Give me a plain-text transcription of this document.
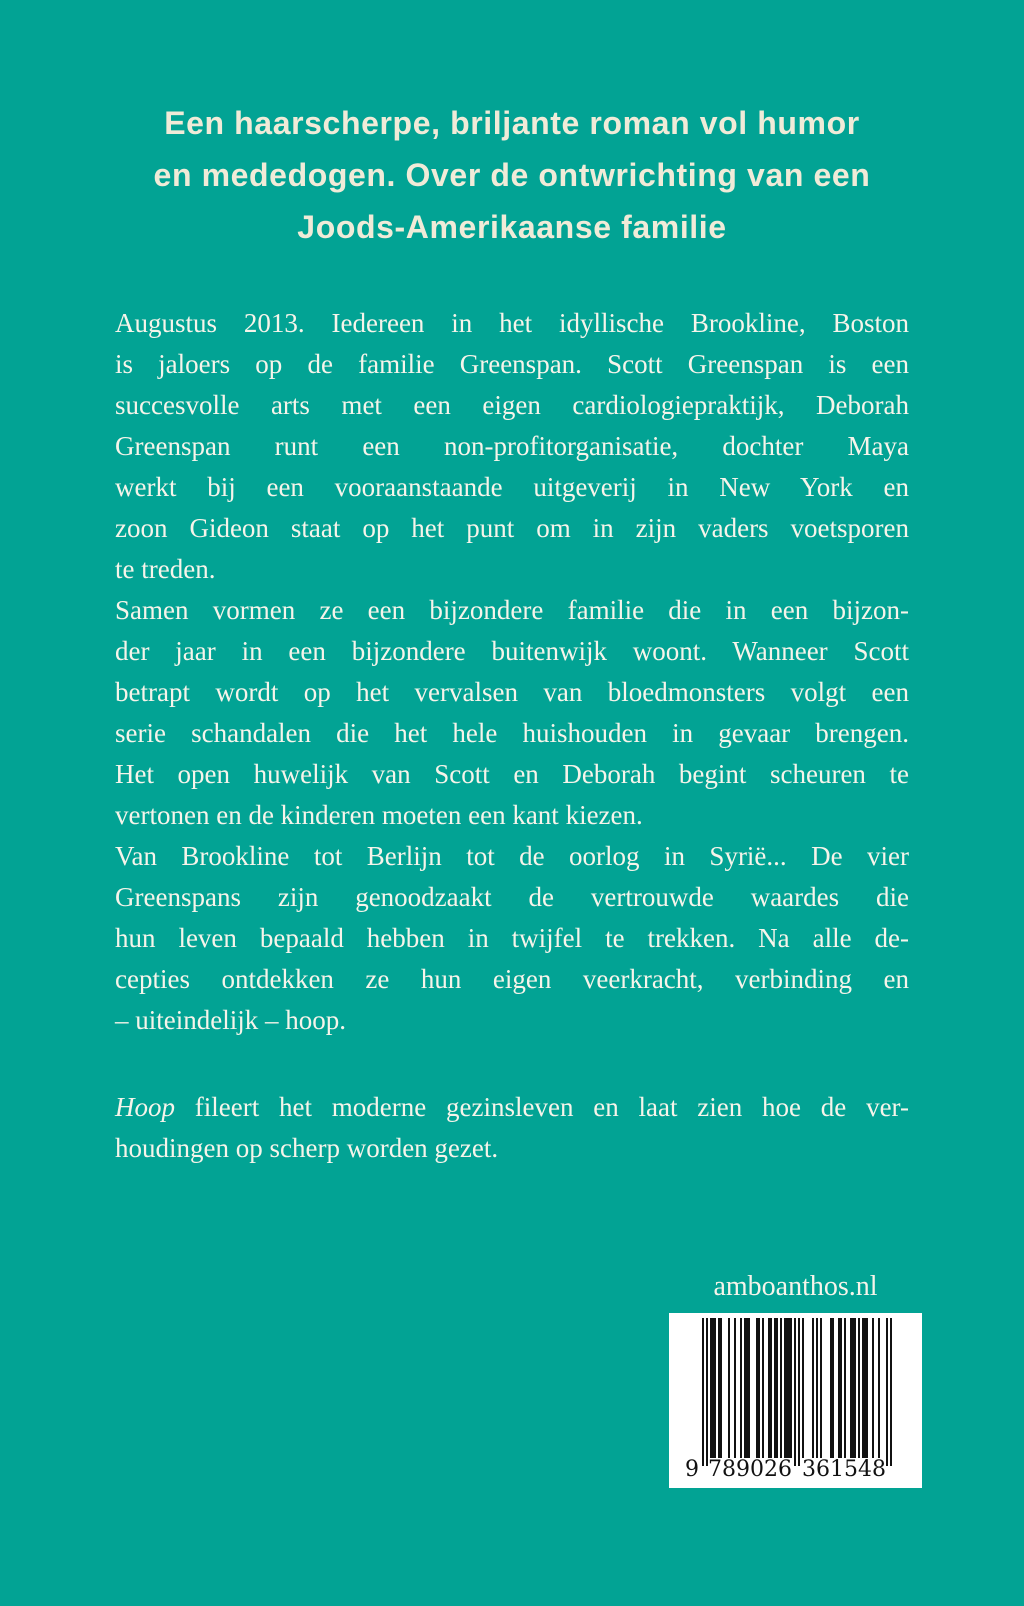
Een haarscherpe, briljante roman vol humor
en mededogen. Over de ontwrichting van een
Joods-Amerikaanse familie
Augustus 2013. Iedereen in het idyllische Brookline, Boston
is jaloers op de familie Greenspan. Scott Greenspan is een
succesvolle arts met een eigen cardiologiepraktijk, Deborah
Greenspan runt een non-profitorganisatie, dochter Maya
werkt bij een vooraanstaande uitgeverij in New York en
zoon Gideon staat op het punt om in zijn vaders voetsporen
te treden.
Samen vormen ze een bijzondere familie die in een bijzon-
der jaar in een bijzondere buitenwijk woont. Wanneer Scott
betrapt wordt op het vervalsen van bloedmonsters volgt een
serie schandalen die het hele huishouden in gevaar brengen.
Het open huwelijk van Scott en Deborah begint scheuren te
vertonen en de kinderen moeten een kant kiezen.
Van Brookline tot Berlijn tot de oorlog in Syrië... De vier
Greenspans zijn genoodzaakt de vertrouwde waardes die
hun leven bepaald hebben in twijfel te trekken. Na alle de-
cepties ontdekken ze hun eigen veerkracht, verbinding en
– uiteindelijk – hoop.
Hoop fileert het moderne gezinsleven en laat zien hoe de ver-
houdingen op scherp worden gezet.
amboanthos.nl
9 789026 361548
